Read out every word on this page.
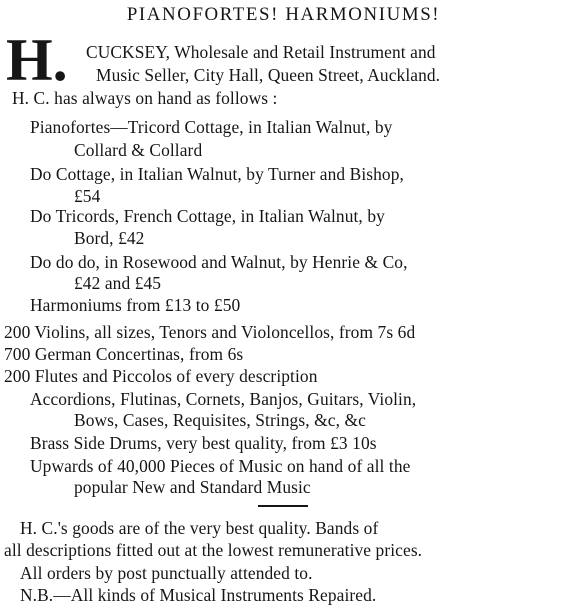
PIANOFORTES! HARMONIUMS!
H. CUCKSEY, Wholesale and Retail Instrument and
Music Seller, City Hall, Queen Street, Auckland.
H. C. has always on hand as follows :
Pianofortes—Tricord Cottage, in Italian Walnut, by
Collard & Collard
Do Cottage, in Italian Walnut, by Turner and Bishop,
£54
Do Tricords, French Cottage, in Italian Walnut, by
Bord, £42
Do do do, in Rosewood and Walnut, by Henrie & Co,
£42 and £45
Harmoniums from £13 to £50
200 Violins, all sizes, Tenors and Violoncellos, from 7s 6d
700 German Concertinas, from 6s
200 Flutes and Piccolos of every description
Accordions, Flutinas, Cornets, Banjos, Guitars, Violin,
Bows, Cases, Requisites, Strings, &c, &c
Brass Side Drums, very best quality, from £3 10s
Upwards of 40,000 Pieces of Music on hand of all the
popular New and Standard Music
H. C.'s goods are of the very best quality. Bands of
all descriptions fitted out at the lowest remunerative prices.
All orders by post punctually attended to.
N.B.—All kinds of Musical Instruments Repaired.
